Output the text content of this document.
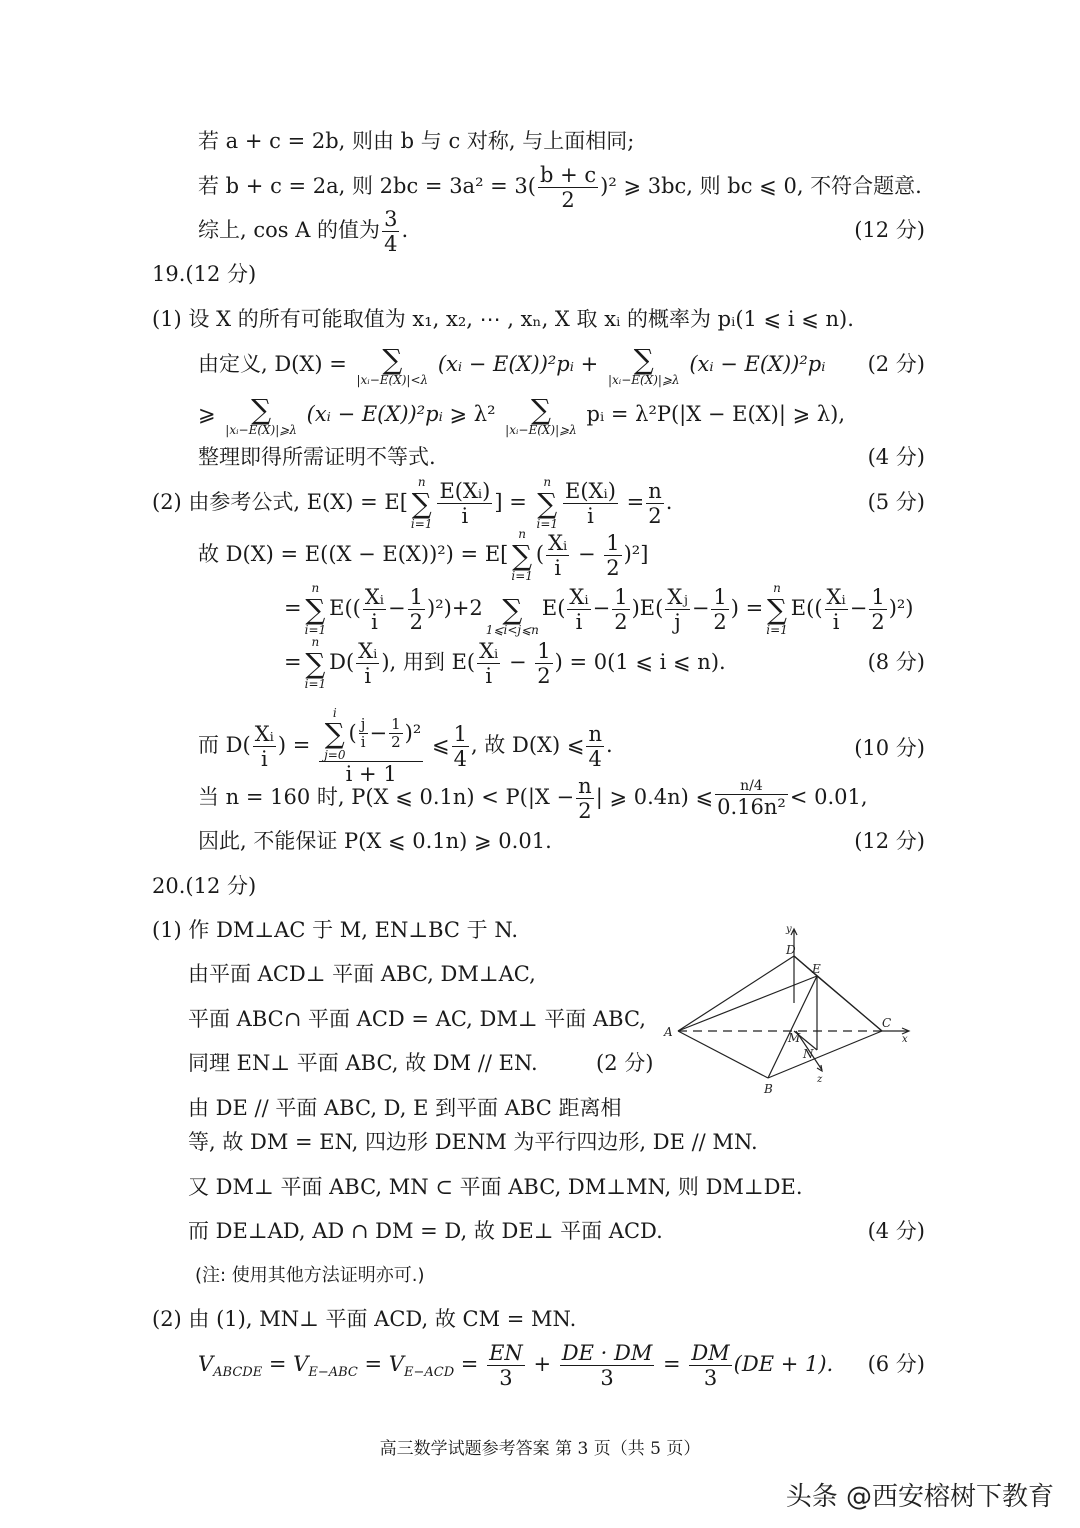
若 a + c = 2b, 则由 b 与 c 对称, 与上面相同;
若 b + c = 2a, 则 $2bc = 3a^2 = 3( \frac{b + c}{2} )^2$ ⩾ 3bc, 则 bc ⩽ 0, 不符合题意.
综上, cos A 的值为 $\frac{3}{4}$ .	(12 分)
19.(12 分)
(1) 设 X 的所有可能取值为 x₁, x₂, ⋯ , xₙ, X 取 xᵢ 的概率为 pᵢ(1 ⩽ i ⩽ n).
由定义, D(X) =	∑
|xᵢ−E(X)|<λ
(xᵢ − E(X))²pᵢ +	∑
|xᵢ−E(X)|⩾λ
(xᵢ − E(X))²pᵢ (2 分)
⩾	∑
|xᵢ−E(X)|⩾λ
(xᵢ − E(X))²pᵢ ⩾ λ²	∑
|xᵢ−E(X)|⩾λ
pᵢ = λ²P(|X − E(X)| ⩾ λ),
整理即得所需证明不等式.	(4 分)
(2) 由参考公式, E(X) = E[
n
∑
$i=1 \frac{\text{E(Xᵢ)}}{i}$ ] =
n
∑
$i=1 \frac{\text{E(Xᵢ)}}{i} = \frac{n}{2}$ .	(5 分)
故 D(X) = E((X − E(X))²) = E[
n
∑
i=1
( $\frac{\text{Xᵢ}}{i} - \frac{1}{2} )^2$]
=
n
∑
i=1
$E(( \frac{\text{Xᵢ}}{i} - \frac{1}{2} )^2)+2$
∑
1⩽i<j⩽n
$E( \frac{\text{Xᵢ}}{i} - \frac{1}{2} )E( \frac{\text{Xⱼ}}{j} - \frac{1}{2}$ ) =
n
∑
i=1
$E(( \frac{\text{Xᵢ}}{i} - \frac{1}{2} )^2)$
=
n
∑
i=1
$D( \frac{\text{Xᵢ}}{i}$ ), 用到 $E( \frac{\text{Xᵢ}}{i} - \frac{1}{2}$ ) = 0(1 ⩽ i ⩽ n).	(8 分)
而 $D( \frac{\text{Xᵢ}}{i}$ ) = i
∑
j=0
( $\frac{j}{i} - \frac{1}{2} )^2$
i + 1 ⩽ $\frac{1}{4}$ , 故 D(X) ⩽ $\frac{n}{4}$ .	(10 分)
当 n = 160 时, P(X ⩽ $0.1n) < P(|X - \frac{n}{2}$ | ⩾ 0.4n) ⩽ $\frac{n/4}{\text{0.16n²}} < 0.01$,
因此, 不能保证 P(X ⩽ 0.1n) ⩾ 0.01.	(12 分)
20.(12 分)
(1) 作 DM⊥AC 于 M, EN⊥BC 于 N.
由平面 ACD⊥ 平面 ABC, DM⊥AC,
平面 ABC∩ 平面 ACD = AC, DM⊥ 平面 ABC,
同理 EN⊥ 平面 ABC, 故 DM // EN.	(2 分)
由 DE // 平面 ABC, D, E 到平面 ABC 距离相
等, 故 DM = EN, 四边形 DENM 为平行四边形, DE // MN.
又 DM⊥ 平面 ABC, MN ⊂ 平面 ABC, DM⊥MN, 则 DM⊥DE.
而 DE⊥AD, AD ∩ DM = D, 故 DE⊥ 平面 ACD.	(4 分)
(注: 使用其他方法证明亦可.)
(2) 由 (1), MN⊥ 平面 ACD, 故 CM = MN.
$V_{ABCDE} = V_{E-ABC} = V_{E-ACD} = \frac{EN}{3} + \frac{DE \cdot DM}{3} = \frac{DM}{3} (DE + 1)$. (6 分)
A
B
C
D
E
M
N
x
y
z
高三数学试题参考答案 第 3 页（共 5 页）
头条 @西安榕树下教育
